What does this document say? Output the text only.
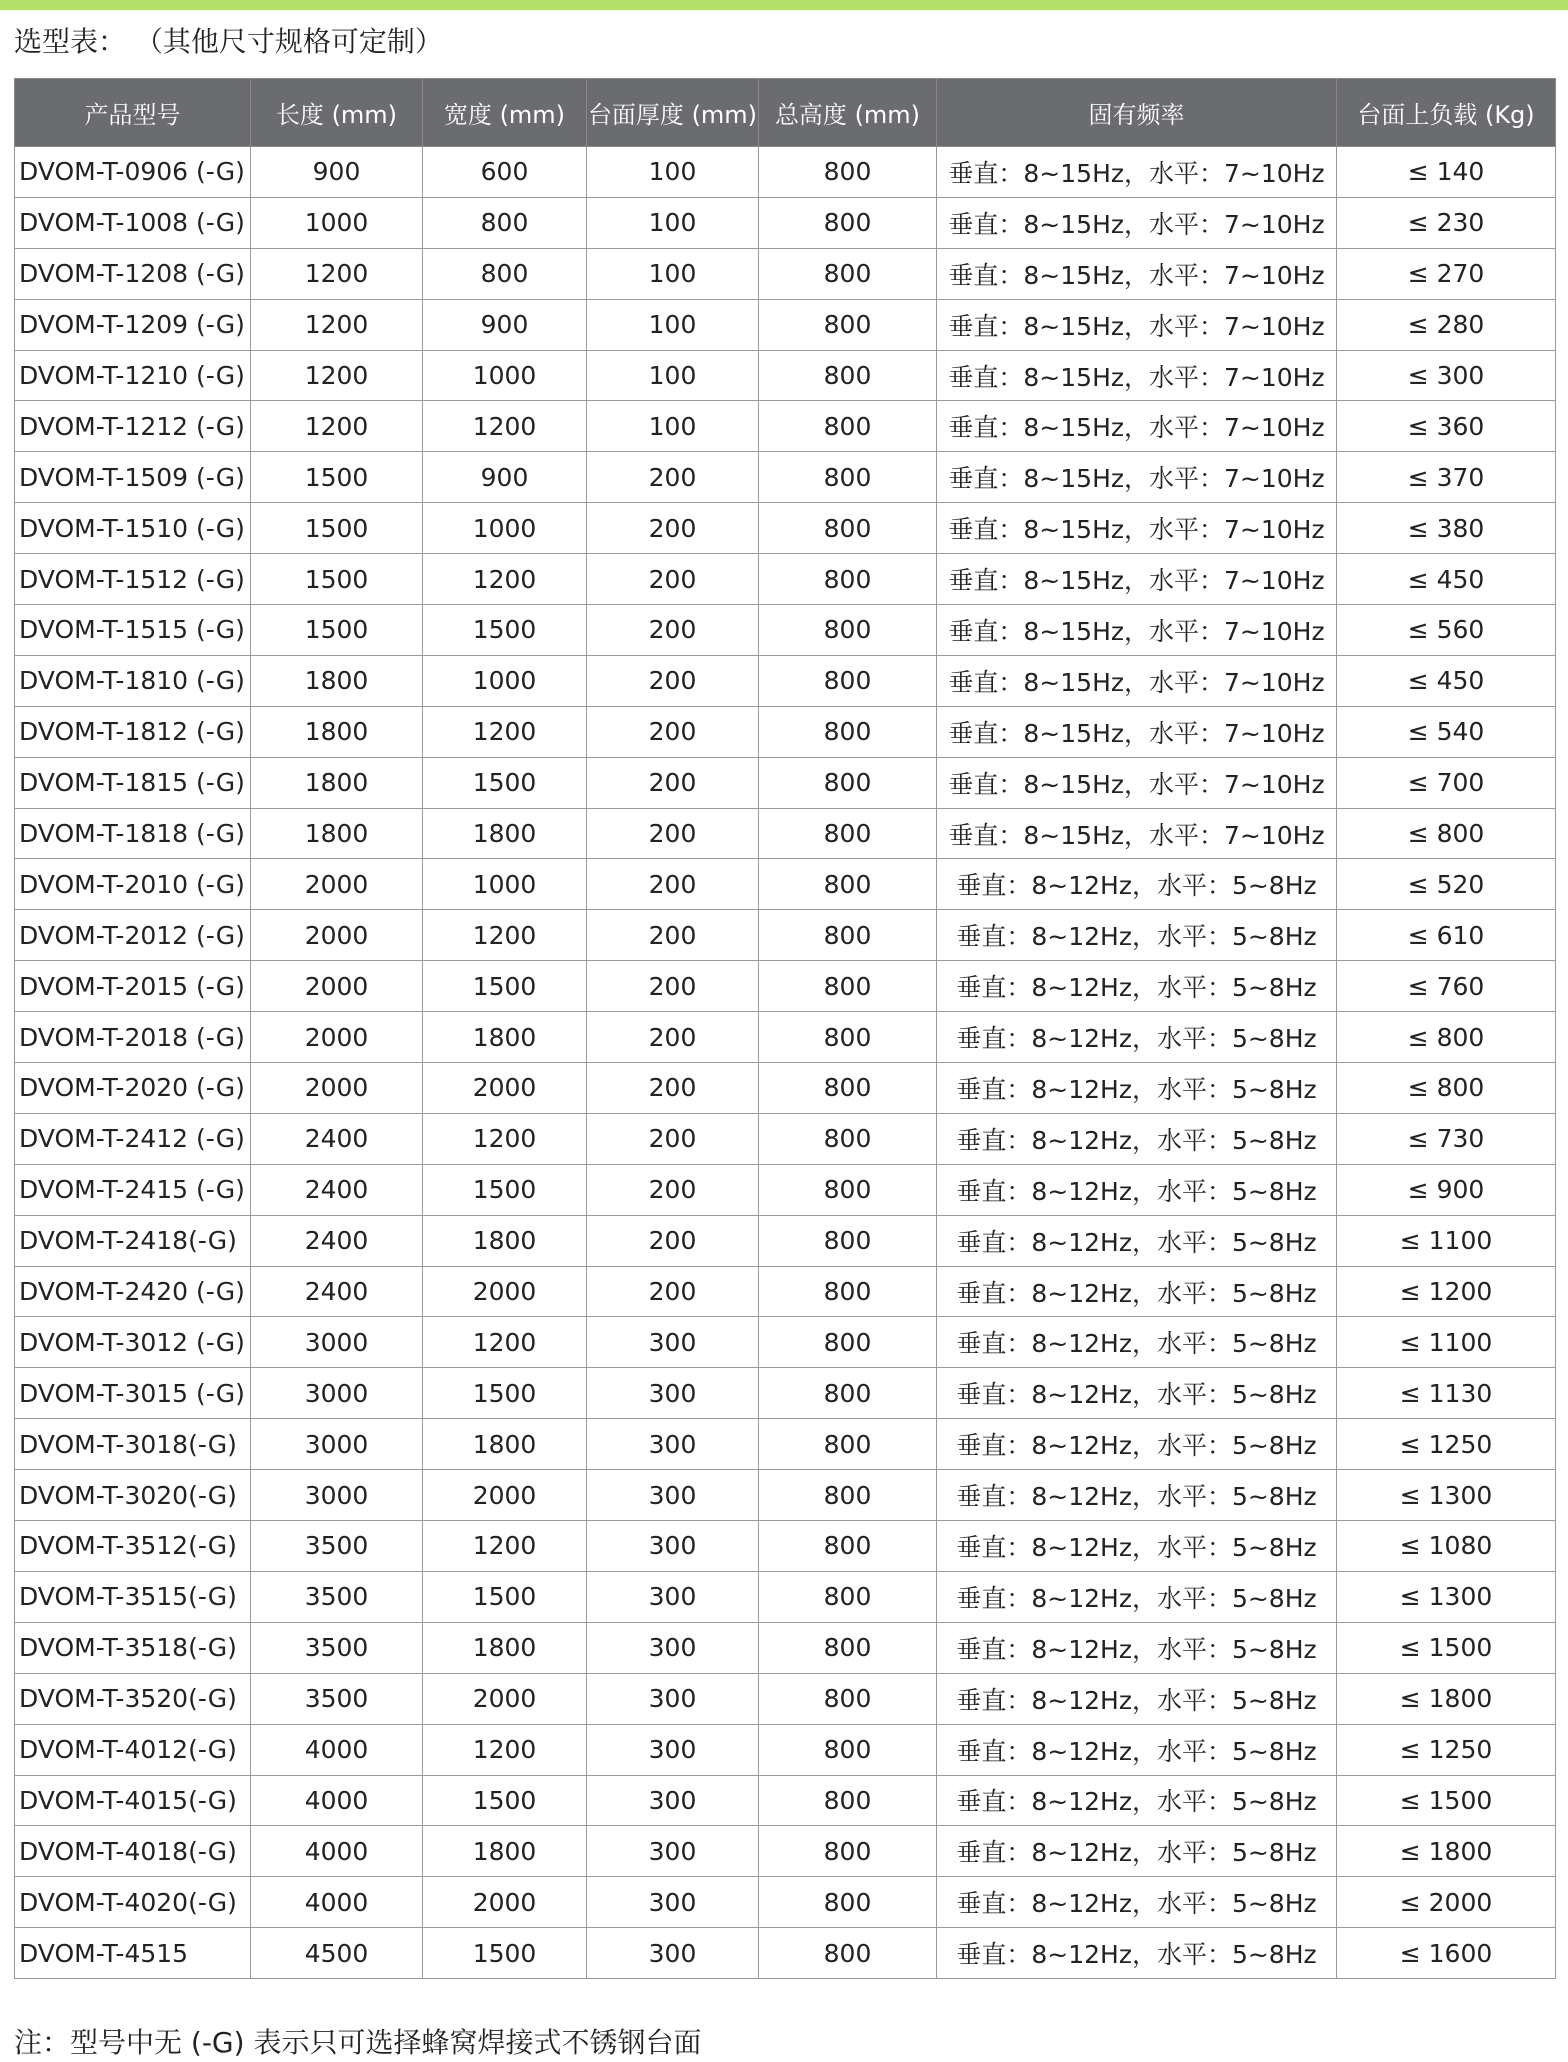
选型表： （其他尺寸规格可定制）
产品型号	长度 (mm)	宽度 (mm)	台面厚度 (mm)	总高度 (mm)	固有频率	台面上负载 (Kg)
DVOM-T-0906 (-G)	900	600	100	800	垂直：8~15Hz，水平：7~10Hz	≤ 140
DVOM-T-1008 (-G)	1000	800	100	800	垂直：8~15Hz，水平：7~10Hz	≤ 230
DVOM-T-1208 (-G)	1200	800	100	800	垂直：8~15Hz，水平：7~10Hz	≤ 270
DVOM-T-1209 (-G)	1200	900	100	800	垂直：8~15Hz，水平：7~10Hz	≤ 280
DVOM-T-1210 (-G)	1200	1000	100	800	垂直：8~15Hz，水平：7~10Hz	≤ 300
DVOM-T-1212 (-G)	1200	1200	100	800	垂直：8~15Hz，水平：7~10Hz	≤ 360
DVOM-T-1509 (-G)	1500	900	200	800	垂直：8~15Hz，水平：7~10Hz	≤ 370
DVOM-T-1510 (-G)	1500	1000	200	800	垂直：8~15Hz，水平：7~10Hz	≤ 380
DVOM-T-1512 (-G)	1500	1200	200	800	垂直：8~15Hz，水平：7~10Hz	≤ 450
DVOM-T-1515 (-G)	1500	1500	200	800	垂直：8~15Hz，水平：7~10Hz	≤ 560
DVOM-T-1810 (-G)	1800	1000	200	800	垂直：8~15Hz，水平：7~10Hz	≤ 450
DVOM-T-1812 (-G)	1800	1200	200	800	垂直：8~15Hz，水平：7~10Hz	≤ 540
DVOM-T-1815 (-G)	1800	1500	200	800	垂直：8~15Hz，水平：7~10Hz	≤ 700
DVOM-T-1818 (-G)	1800	1800	200	800	垂直：8~15Hz，水平：7~10Hz	≤ 800
DVOM-T-2010 (-G)	2000	1000	200	800	垂直：8~12Hz，水平：5~8Hz	≤ 520
DVOM-T-2012 (-G)	2000	1200	200	800	垂直：8~12Hz，水平：5~8Hz	≤ 610
DVOM-T-2015 (-G)	2000	1500	200	800	垂直：8~12Hz，水平：5~8Hz	≤ 760
DVOM-T-2018 (-G)	2000	1800	200	800	垂直：8~12Hz，水平：5~8Hz	≤ 800
DVOM-T-2020 (-G)	2000	2000	200	800	垂直：8~12Hz，水平：5~8Hz	≤ 800
DVOM-T-2412 (-G)	2400	1200	200	800	垂直：8~12Hz，水平：5~8Hz	≤ 730
DVOM-T-2415 (-G)	2400	1500	200	800	垂直：8~12Hz，水平：5~8Hz	≤ 900
DVOM-T-2418(-G)	2400	1800	200	800	垂直：8~12Hz，水平：5~8Hz	≤ 1100
DVOM-T-2420 (-G)	2400	2000	200	800	垂直：8~12Hz，水平：5~8Hz	≤ 1200
DVOM-T-3012 (-G)	3000	1200	300	800	垂直：8~12Hz，水平：5~8Hz	≤ 1100
DVOM-T-3015 (-G)	3000	1500	300	800	垂直：8~12Hz，水平：5~8Hz	≤ 1130
DVOM-T-3018(-G)	3000	1800	300	800	垂直：8~12Hz，水平：5~8Hz	≤ 1250
DVOM-T-3020(-G)	3000	2000	300	800	垂直：8~12Hz，水平：5~8Hz	≤ 1300
DVOM-T-3512(-G)	3500	1200	300	800	垂直：8~12Hz，水平：5~8Hz	≤ 1080
DVOM-T-3515(-G)	3500	1500	300	800	垂直：8~12Hz，水平：5~8Hz	≤ 1300
DVOM-T-3518(-G)	3500	1800	300	800	垂直：8~12Hz，水平：5~8Hz	≤ 1500
DVOM-T-3520(-G)	3500	2000	300	800	垂直：8~12Hz，水平：5~8Hz	≤ 1800
DVOM-T-4012(-G)	4000	1200	300	800	垂直：8~12Hz，水平：5~8Hz	≤ 1250
DVOM-T-4015(-G)	4000	1500	300	800	垂直：8~12Hz，水平：5~8Hz	≤ 1500
DVOM-T-4018(-G)	4000	1800	300	800	垂直：8~12Hz，水平：5~8Hz	≤ 1800
DVOM-T-4020(-G)	4000	2000	300	800	垂直：8~12Hz，水平：5~8Hz	≤ 2000
DVOM-T-4515	4500	1500	300	800	垂直：8~12Hz，水平：5~8Hz	≤ 1600
注：型号中无 (-G) 表示只可选择蜂窝焊接式不锈钢台面
